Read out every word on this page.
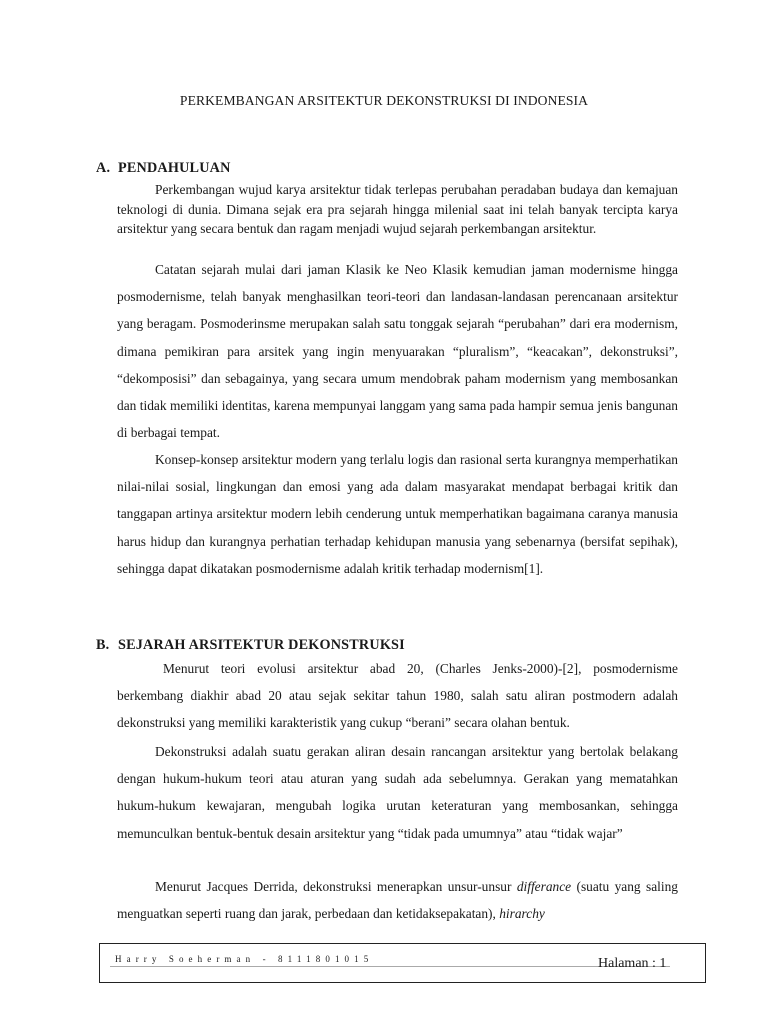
PERKEMBANGAN ARSITEKTUR DEKONSTRUKSI DI INDONESIA
A. PENDAHULUAN

Perkembangan wujud karya arsitektur tidak terlepas perubahan peradaban budaya dan kemajuan teknologi di dunia. Dimana sejak era pra sejarah hingga milenial saat ini telah banyak tercipta karya arsitektur yang secara bentuk dan ragam menjadi wujud sejarah perkembangan arsitektur.

Catatan sejarah mulai dari jaman Klasik ke Neo Klasik kemudian jaman modernisme hingga posmodernisme, telah banyak menghasilkan teori-teori dan landasan-landasan perencanaan arsitektur yang beragam. Posmoderinsme merupakan salah satu tonggak sejarah “perubahan” dari era modernism, dimana pemikiran para arsitek yang ingin menyuarakan “pluralism”, “keacakan”, dekonstruksi”, “dekomposisi” dan sebagainya, yang secara umum mendobrak paham modernism yang membosankan dan tidak memiliki identitas, karena mempunyai langgam yang sama pada hampir semua jenis bangunan di berbagai tempat.

Konsep-konsep arsitektur modern yang terlalu logis dan rasional serta kurangnya memperhatikan nilai-nilai sosial, lingkungan dan emosi yang ada dalam masyarakat mendapat berbagai kritik dan tanggapan artinya arsitektur modern lebih cenderung untuk memperhatikan bagaimana caranya manusia harus hidup dan kurangnya perhatian terhadap kehidupan manusia yang sebenarnya (bersifat sepihak), sehingga dapat dikatakan posmodernisme adalah kritik terhadap modernism[1].

B. SEJARAH ARSITEKTUR DEKONSTRUKSI

Menurut teori evolusi arsitektur abad 20, (Charles Jenks-2000)-[2], posmodernisme berkembang diakhir abad 20 atau sejak sekitar tahun 1980, salah satu aliran postmodern adalah dekonstruksi yang memiliki karakteristik yang cukup “berani” secara olahan bentuk.

Dekonstruksi adalah suatu gerakan aliran desain rancangan arsitektur yang bertolak belakang dengan hukum-hukum teori atau aturan yang sudah ada sebelumnya. Gerakan yang mematahkan hukum-hukum kewajaran, mengubah logika urutan keteraturan yang membosankan, sehingga memunculkan bentuk-bentuk desain arsitektur yang “tidak pada umumnya” atau “tidak wajar”

Menurut Jacques Derrida, dekonstruksi menerapkan unsur-unsur differance (suatu yang saling menguatkan seperti ruang dan jarak, perbedaan dan ketidaksepakatan), hirarchy

Harry Soeherman - 8111801015	Halaman : 1
